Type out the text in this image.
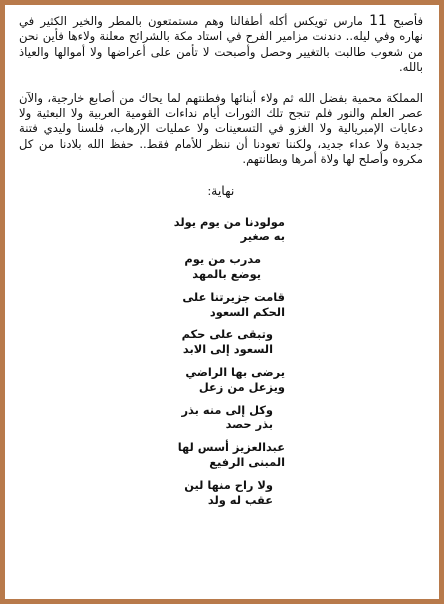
فأصبح 11 مارس تويكس أكله أطفالنا وهم مستمتعون بالمطر والخير الكثير في نهاره وفي ليله.. دندنت مزامير الفرح في استاد مكة بالشرائح معلنة ولاءها فأين نحن من شعوب طالبت بالتغيير وحصل وأصبحت لا تأمن على أعراضها ولا أموالها والعياذ بالله.

المملكة محمية بفضل الله ثم ولاء أبنائها وفطنتهم لما يحاك من أصابع خارجية، والآن عصر العلم والنور فلم تنجح تلك الثورات أيام نداءات القومية العربية ولا البعثية ولا دعايات الإمبريالية ولا الغزو في التسعينات ولا عمليات الإرهاب، فلسنا وليدي فتنة جديدة ولا عداء جديد، ولكننا تعودنا أن ننظر للأمام فقط.. حفظ الله بلادنا من كل مكروه وأصلح لها ولاة أمرها وبطانتهم.

نهاية:
مولودنا من يوم يولد
به صغير
مدرب من يوم
يوضع بالمهد
قامت جزيرتنا على
الحكم السعود
وتبقى على حكم
السعود إلى الابد
يرضى بها الراضي
ويزعل من زعل
وكل إلى منه بذر
بذر حصد
عبدالعزيز أسس لها
المبنى الرفيع
ولا راح منها لين
عقب له ولد
